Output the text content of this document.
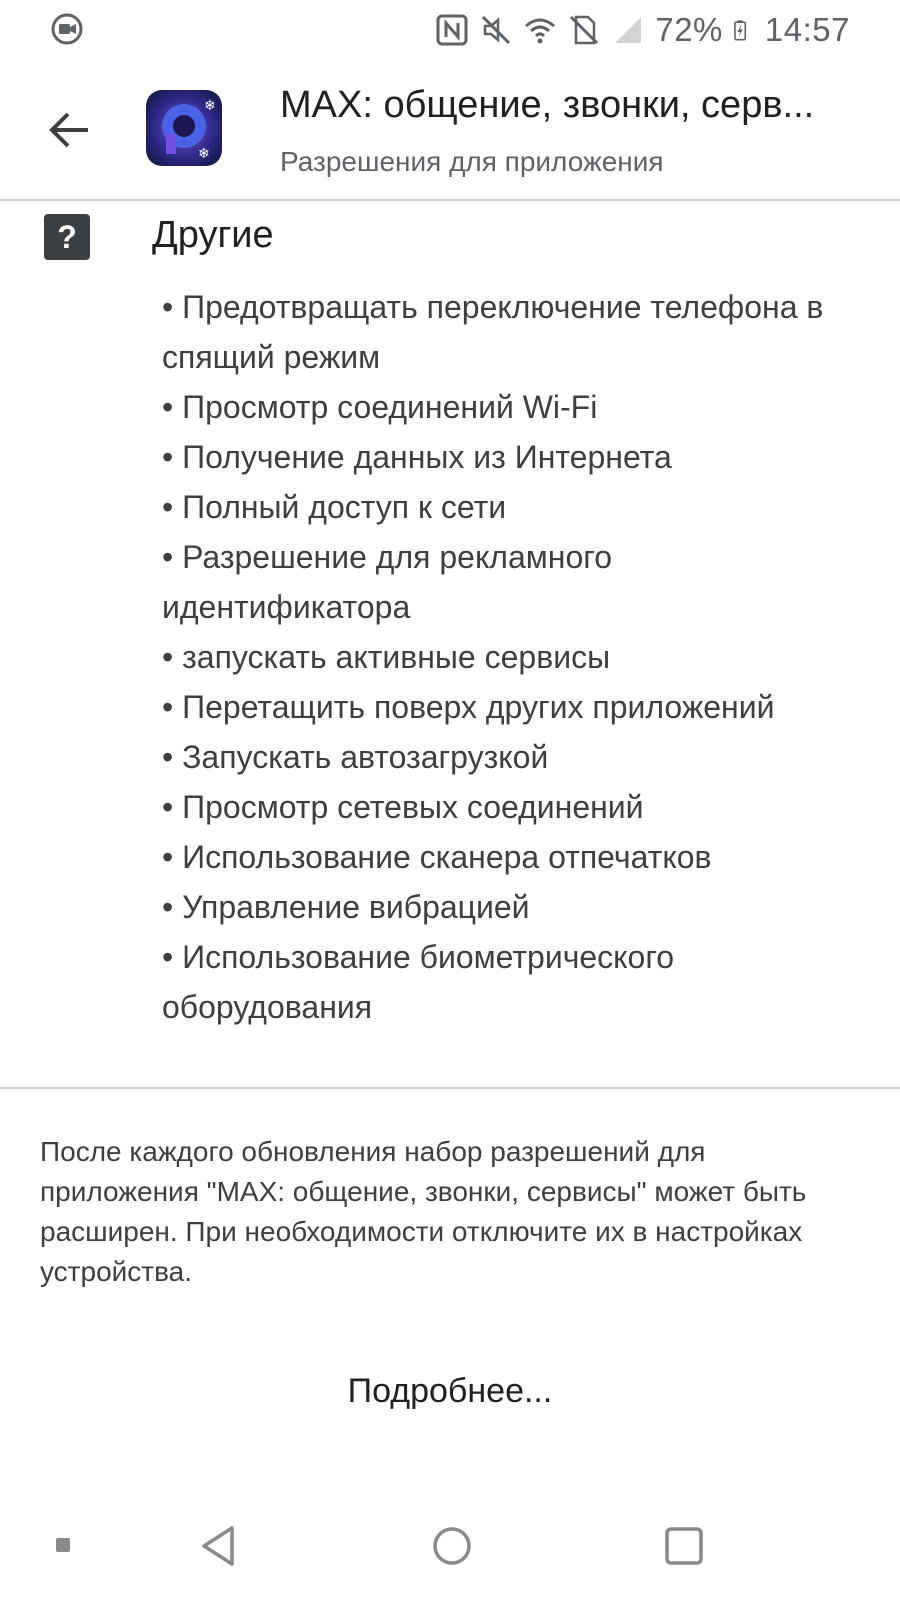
72% 14:57
❄
❄
MAX: общение, звонки, серв...
Разрешения для приложения
?	Другие
• Предотвращать переключение телефона в спящий режим
• Просмотр соединений Wi-Fi
• Получение данных из Интернета
• Полный доступ к сети
• Разрешение для рекламного идентификатора
• запускать активные сервисы
• Перетащить поверх других приложений
• Запускать автозагрузкой
• Просмотр сетевых соединений
• Использование сканера отпечатков
• Управление вибрацией
• Использование биометрического оборудования
После каждого обновления набор разрешений для приложения "MAX: общение, звонки, сервисы" может быть расширен. При необходимости отключите их в настройках устройства.
Подробнее...
